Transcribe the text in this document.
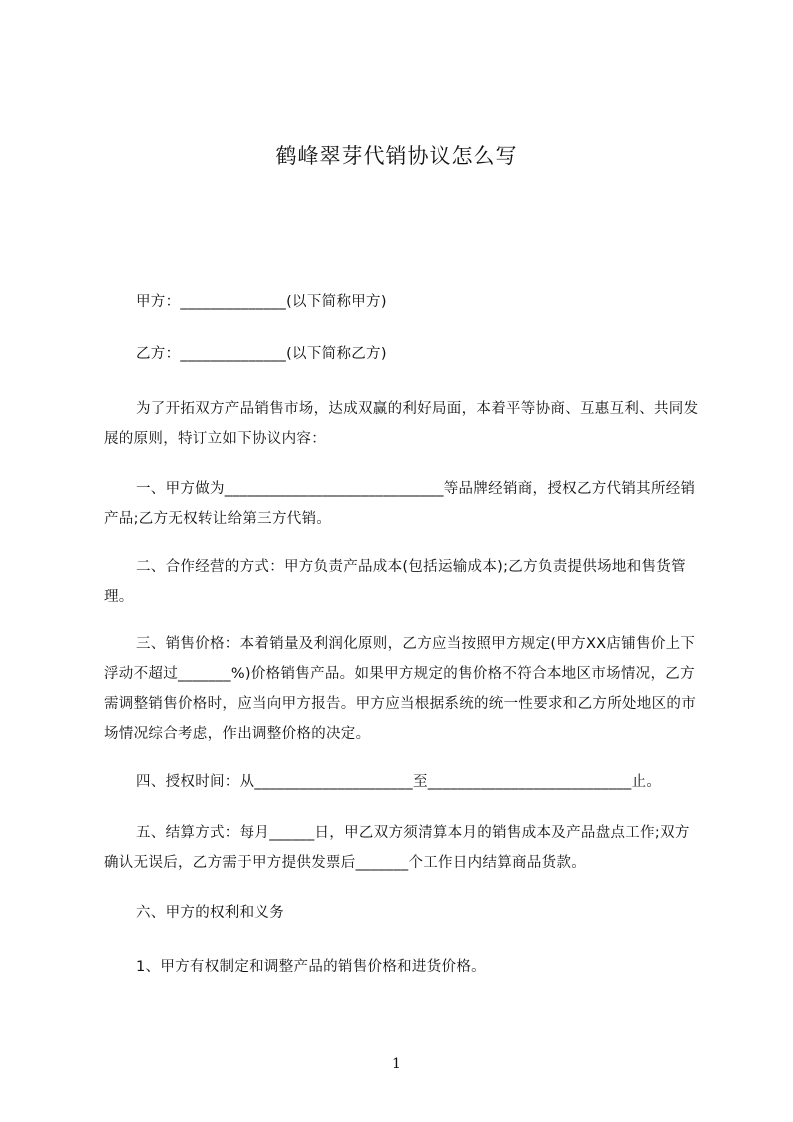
鹤峰翠芽代销协议怎么写
甲方：______________(以下简称甲方)
乙方：______________(以下简称乙方)
为了开拓双方产品销售市场，达成双赢的利好局面，本着平等协商、互惠互利、共同发展的原则，特订立如下协议内容：
一、甲方做为_____________________________等品牌经销商，授权乙方代销其所经销产品;乙方无权转让给第三方代销。
二、合作经营的方式：甲方负责产品成本(包括运输成本);乙方负责提供场地和售货管理。
三、销售价格：本着销量及利润化原则，乙方应当按照甲方规定(甲方XX店铺售价上下浮动不超过_______%)价格销售产品。如果甲方规定的售价格不符合本地区市场情况，乙方需调整销售价格时，应当向甲方报告。甲方应当根据系统的统一性要求和乙方所处地区的市场情况综合考虑，作出调整价格的决定。
四、授权时间：从_____________________至___________________________止。
五、结算方式：每月______日，甲乙双方须清算本月的销售成本及产品盘点工作;双方确认无误后，乙方需于甲方提供发票后_______个工作日内结算商品货款。
六、甲方的权利和义务
1、甲方有权制定和调整产品的销售价格和进货价格。
1
